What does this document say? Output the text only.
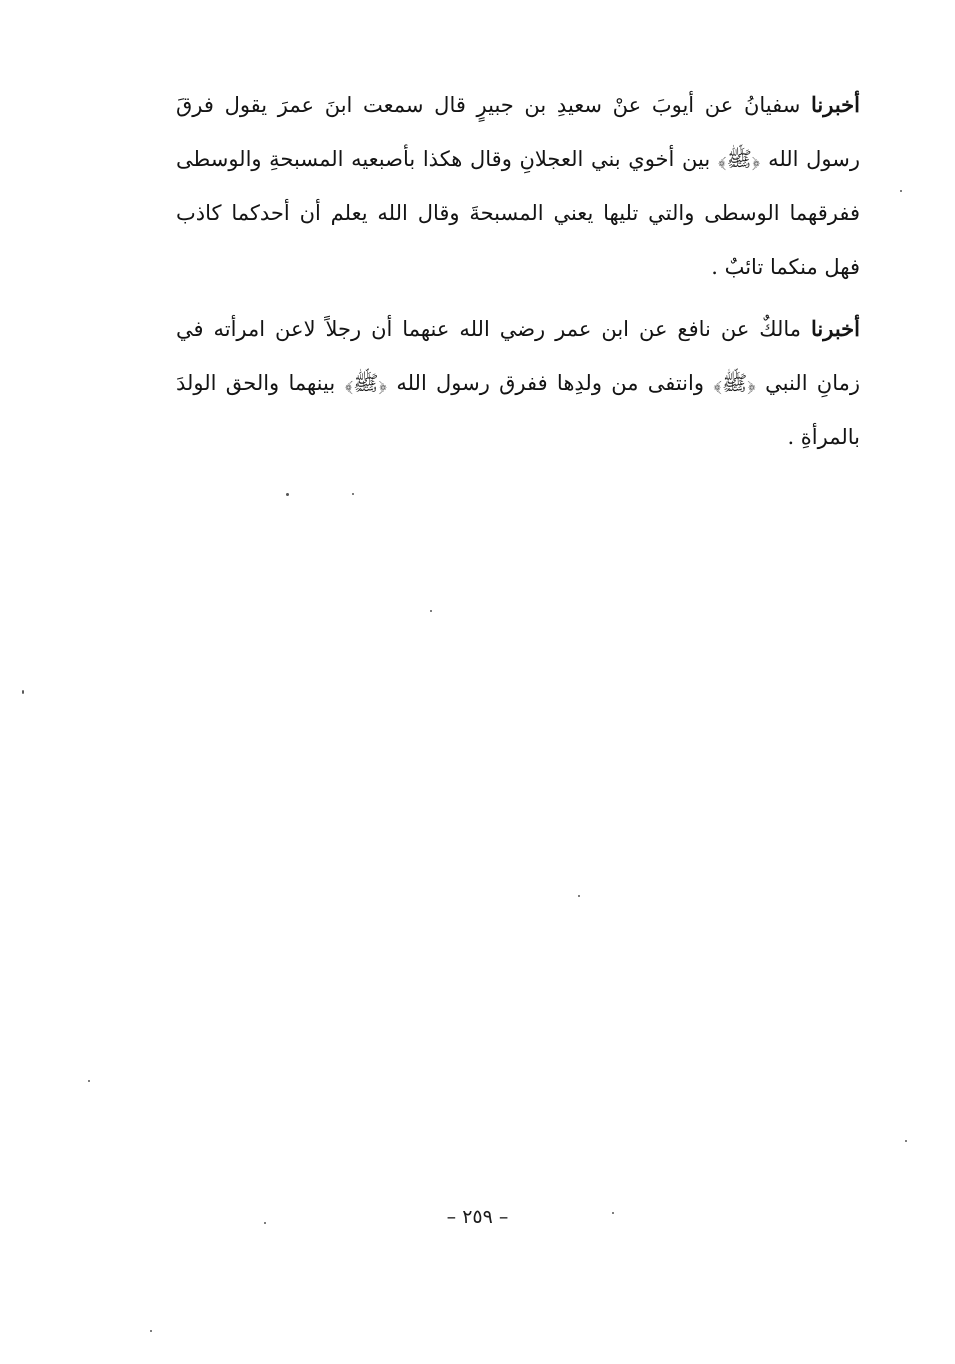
أخبرنا سفيانُ عن أيوبَ عنْ سعيدِ بن جبيرٍ قال سمعت ابنَ عمرَ يقول فرقَ رسول الله ﴿ﷺ﴾ بين أخوي بني العجلانِ وقال هكذا بأصبعيه المسبحةِ والوسطى ففرقهما الوسطى والتي تليها يعني المسبحةَ وقال الله يعلم أن أحدكما كاذب فهل منكما تائبٌ .

أخبرنا مالكٌ عن نافع عن ابن عمر رضي الله عنهما أن رجلاً لاعن امرأته في زمانِ النبي ﴿ﷺ﴾ وانتفى من ولدِها ففرق رسول الله ﴿ﷺ﴾ بينهما والحق الولدَ بالمرأةِ .

– ٢٥٩ –
